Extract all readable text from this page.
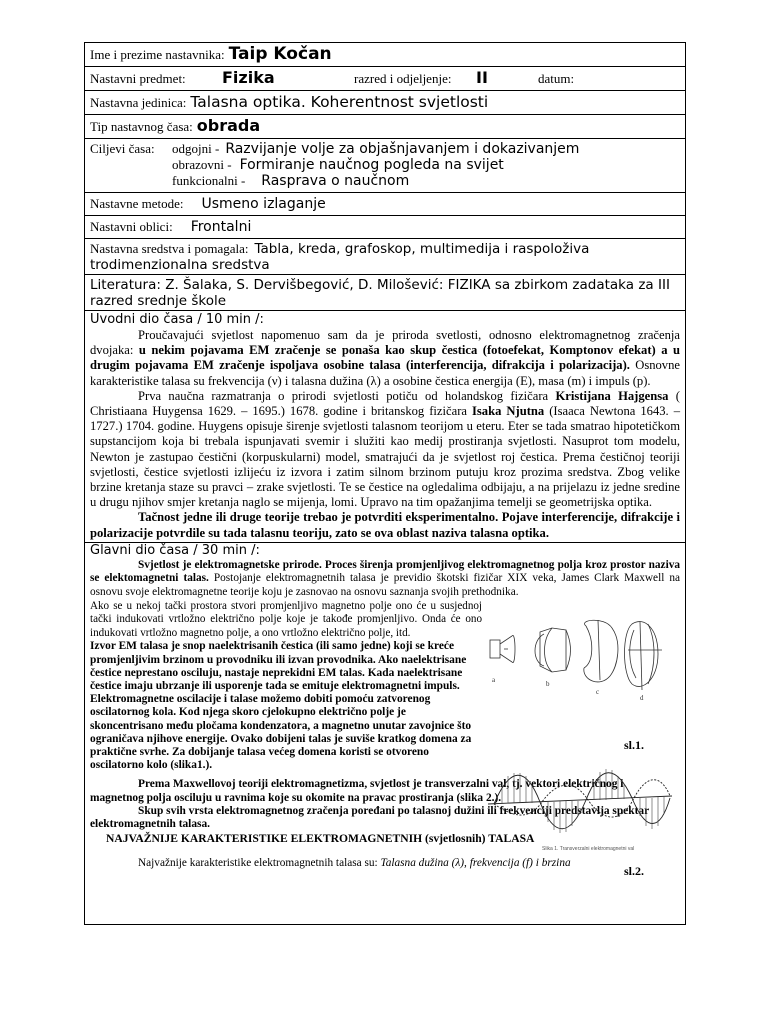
Ime i prezime nastavnika: Taip Kočan
Nastavni predmet: Fizika	razred i odjeljenje: II	datum:
Nastavna jedinica: Talasna optika. Koherentnost svjetlosti
Tip nastavnog časa: obrada

Ciljevi časa:	odgojni - Razvijanje volje za objašnjavanjem i dokazivanjem
obrazovni - Formiranje naučnog pogleda na svijet
funkcionalni - Rasprava o naučnom

Nastavne metode: Usmeno izlaganje
Nastavni oblici: Frontalni

Nastavna sredstva i pomagala: Tabla, kreda, grafoskop, multimedija i raspoloživa trodimenzionalna sredstva

Literatura: Z. Šalaka, S. Dervišbegović, D. Milošević: FIZIKA sa zbirkom zadataka za III razred srednje škole

Uvodni dio časa / 10 min /:

Proučavajući svjetlost napomenuo sam da je priroda svetlosti, odnosno elektromagnetnog zračenja dvojaka: u nekim pojavama EM zračenje se ponaša kao skup čestica (fotoefekat, Komptonov efekat) a u drugim pojavama EM zračenje ispoljava osobine talasa (interferencija, difrakcija i polarizacija). Osnovne karakteristike talasa su frekvencija (ν) i talasna dužina (λ) a osobine čestica energija (E), masa (m) i impuls (p).

Prva naučna razmatranja o prirodi svjetlosti potiču od holandskog fizičara Kristijana Hajgensa ( Christiaana Huygensa 1629. – 1695.) 1678. godine i britanskog fizičara Isaka Njutna (Isaaca Newtona 1643. – 1727.) 1704. godine. Huygens opisuje širenje svjetlosti talasnom teorijom u eteru. Eter se tada smatrao hipotetičkom supstancijom koja bi trebala ispunjavati svemir i služiti kao medij prostiranja svjetlosti. Nasuprot tom modelu, Newton je zastupao čestični (korpuskularni) model, smatrajući da je svjetlost roj čestica. Prema čestičnoj teoriji svjetlosti, čestice svjetlosti izlijeću iz izvora i zatim silnom brzinom putuju kroz prozima sredstva. Zbog velike brzine kretanja staze su pravci – zrake svjetlosti. Te se čestice na ogledalima odbijaju, a na prijelazu iz jedne sredine u drugu njihov smjer kretanja naglo se mijenja, lomi. Upravo na tim opažanjima temelji se geometrijska optika.

Tačnost jedne ili druge teorije trebao je potvrditi eksperimentalno. Pojave interferencije, difrakcije i polarizacije potvrdile su tada talasnu teoriju, zato se ova oblast naziva talasna optika.

Glavni dio časa / 30 min /:

Svjetlost je elektromagnetske prirode. Proces širenja promjenljivog elektromagnetnog polja kroz prostor naziva se elektomagnetni talas. Postojanje elektromagnetnih talasa je previdio škotski fizičar XIX veka, James Clark Maxwell na osnovu svoje elektromagnetne teorije koju je zasnovao na osnovu saznanja svojih prethodnika.

Ako se u nekoj tački prostora stvori promjenljivo magnetno polje ono će u susjednoj tački indukovati vrtložno električno polje koje je takođe promjenljivo. Onda će ono indukovati vrtložno magnetno polje, a ono vrtložno električno polje, itd.

Izvor EM talasa je snop naelektrisanih čestica (ili samo jedne) koji se kreće promjenljivim brzinom u provodniku ili izvan provodnika. Ako naelektrisane čestice neprestano osciluju, nastaje neprekidni EM talas. Kada naelektrisane čestice imaju ubrzanje ili usporenje tada se emituje elektromagnetni impuls. Elektromagnetne oscilacije i talase možemo dobiti pomoću zatvorenog oscilatornog kola. Kod njega skoro cjelokupno električno polje je skoncentrisano među pločama kondenzatora, a magnetno unutar zavojnice što ograničava njihove energije. Ovako dobijeni talas je suviše kratkog domena za praktične svrhe. Za dobijanje talasa većeg domena koristi se otvoreno oscilatorno kolo (slika1.).

a	b
c
d
sl.1.
Slika 1. Transverzalni elektromagnetni val
sl.2.

Prema Maxwellovoj teoriji elektromagnetizma, svjetlost je transverzalni val, tj. vektori električnog i magnetnog polja osciluju u ravnima koje su okomite na pravac prostiranja (slika 2.).

Skup svih vrsta elektromagnetnog zračenja poređani po talasnoj dužini ili frekvenciji predstavlja spektar elektromagnetnih talasa.

NAJVAŽNIJE KARAKTERISTIKE ELEKTROMAGNETNIH (svjetlosnih) TALASA

Najvažnije karakteristike elektromagnetnih talasa su: Talasna dužina (λ), frekvencija (f) i brzina
